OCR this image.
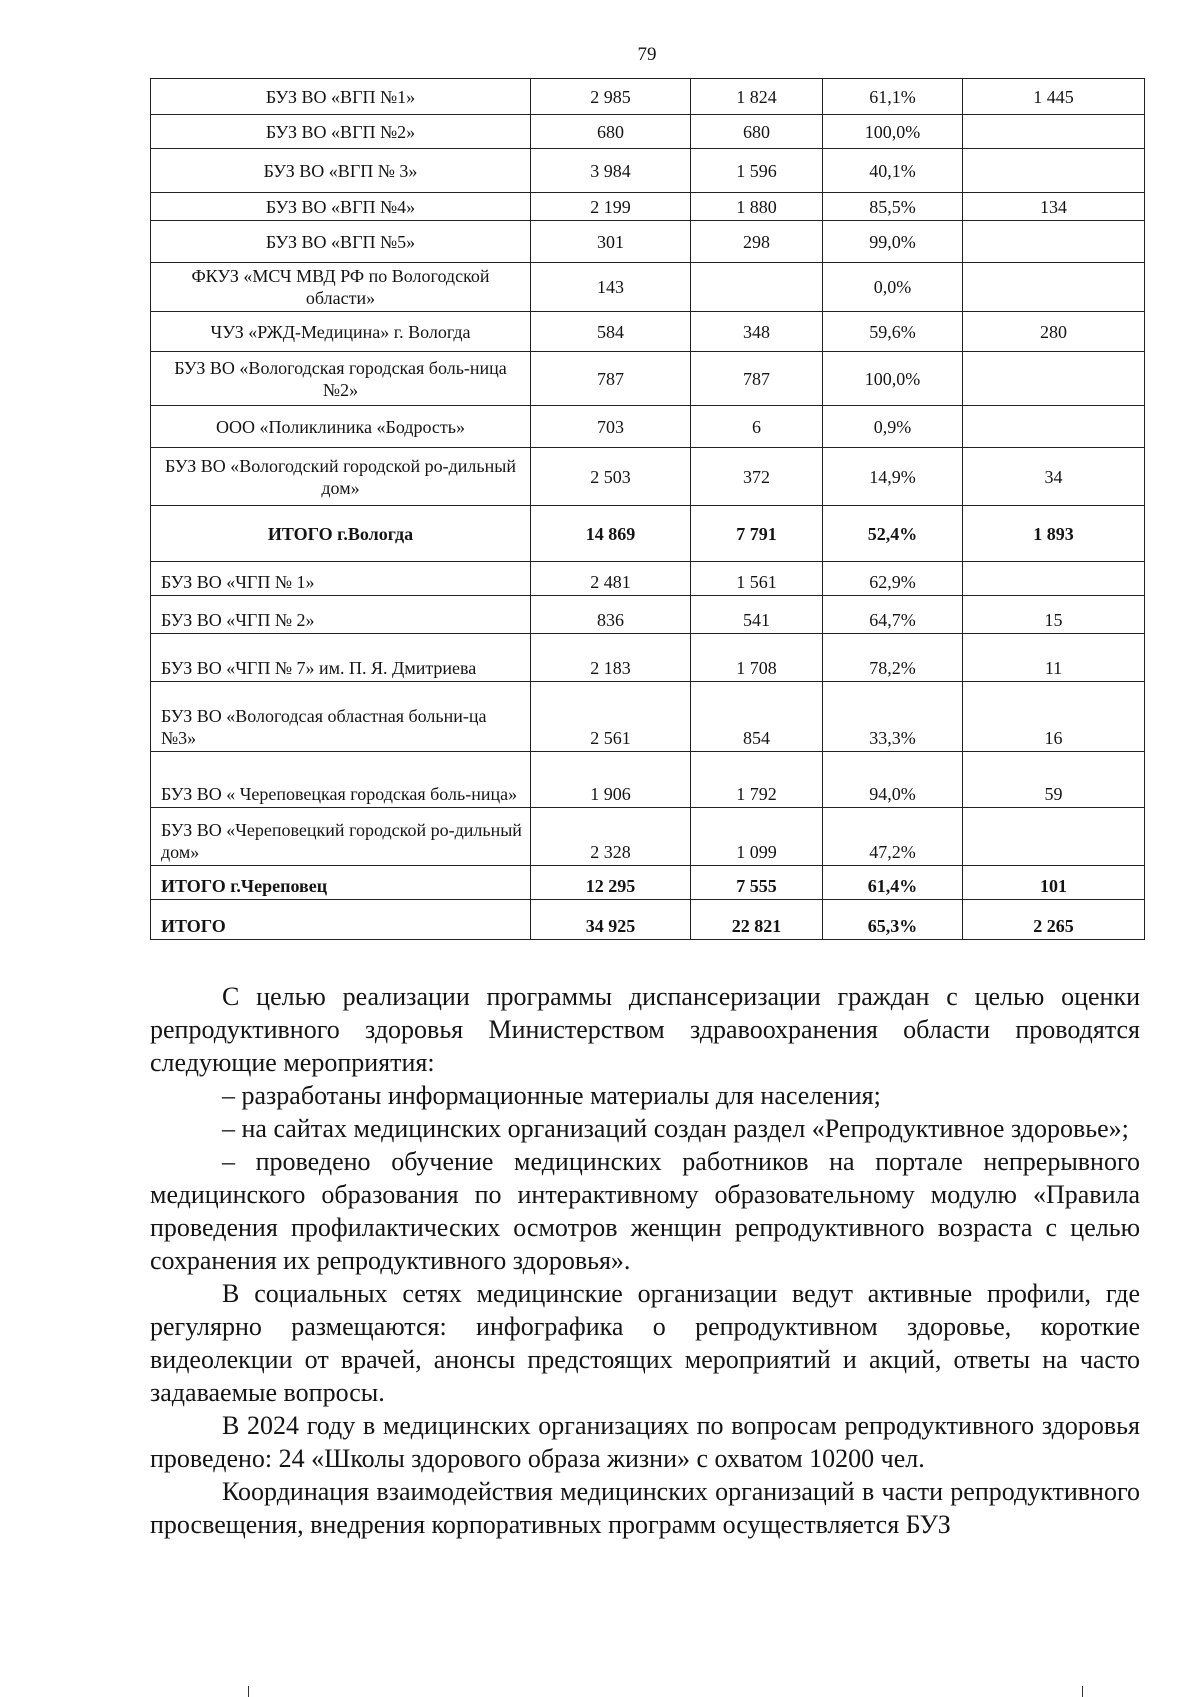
79
БУЗ ВО «ВГП №1»	2 985	1 824	61,1%	1 445
БУЗ ВО «ВГП №2»	680	680	100,0%	
БУЗ ВО «ВГП № 3»	3 984	1 596	40,1%	
БУЗ ВО «ВГП №4»	2 199	1 880	85,5%	134
БУЗ ВО «ВГП №5»	301	298	99,0%	
ФКУЗ «МСЧ МВД РФ по Вологодской области»	143		0,0%	
ЧУЗ «РЖД-Медицина» г. Вологда	584	348	59,6%	280
БУЗ ВО «Вологодская городская боль-ница №2»	787	787	100,0%	
ООО «Поликлиника «Бодрость»	703	6	0,9%	
БУЗ ВО «Вологодский городской ро-дильный дом»	2 503	372	14,9%	34
ИТОГО г.Вологда	14 869	7 791	52,4%	1 893
БУЗ ВО «ЧГП № 1»	2 481	1 561	62,9%	
БУЗ ВО «ЧГП № 2»	836	541	64,7%	15
БУЗ ВО «ЧГП № 7» им. П. Я. Дмитриева	2 183	1 708	78,2%	11
БУЗ ВО «Вологодсая областная больни-ца №3»	2 561	854	33,3%	16
БУЗ ВО « Череповецкая городская боль-ница»	1 906	1 792	94,0%	59
БУЗ ВО «Череповецкий городской ро-дильный дом»	2 328	1 099	47,2%	
ИТОГО г.Череповец	12 295	7 555	61,4%	101
ИТОГО	34 925	22 821	65,3%	2 265

С целью реализации программы диспансеризации граждан с целью оценки репродуктивного здоровья Министерством здравоохранения области проводятся следующие мероприятия:

– разработаны информационные материалы для населения;

– на сайтах медицинских организаций создан раздел «Репродуктивное здоровье»;

– проведено обучение медицинских работников на портале непрерывного медицинского образования по интерактивному образовательному модулю «Правила проведения профилактических осмотров женщин репродуктивного возраста с целью сохранения их репродуктивного здоровья».

В социальных сетях медицинские организации ведут активные профили, где регулярно размещаются: инфографика о репродуктивном здоровье, короткие видеолекции от врачей, анонсы предстоящих мероприятий и акций, ответы на часто задаваемые вопросы.

В 2024 году в медицинских организациях по вопросам репродуктивного здоровья проведено: 24 «Школы здорового образа жизни» с охватом 10200 чел.

Координация взаимодействия медицинских организаций в части репродуктивного просвещения, внедрения корпоративных программ осуществляется БУЗ
